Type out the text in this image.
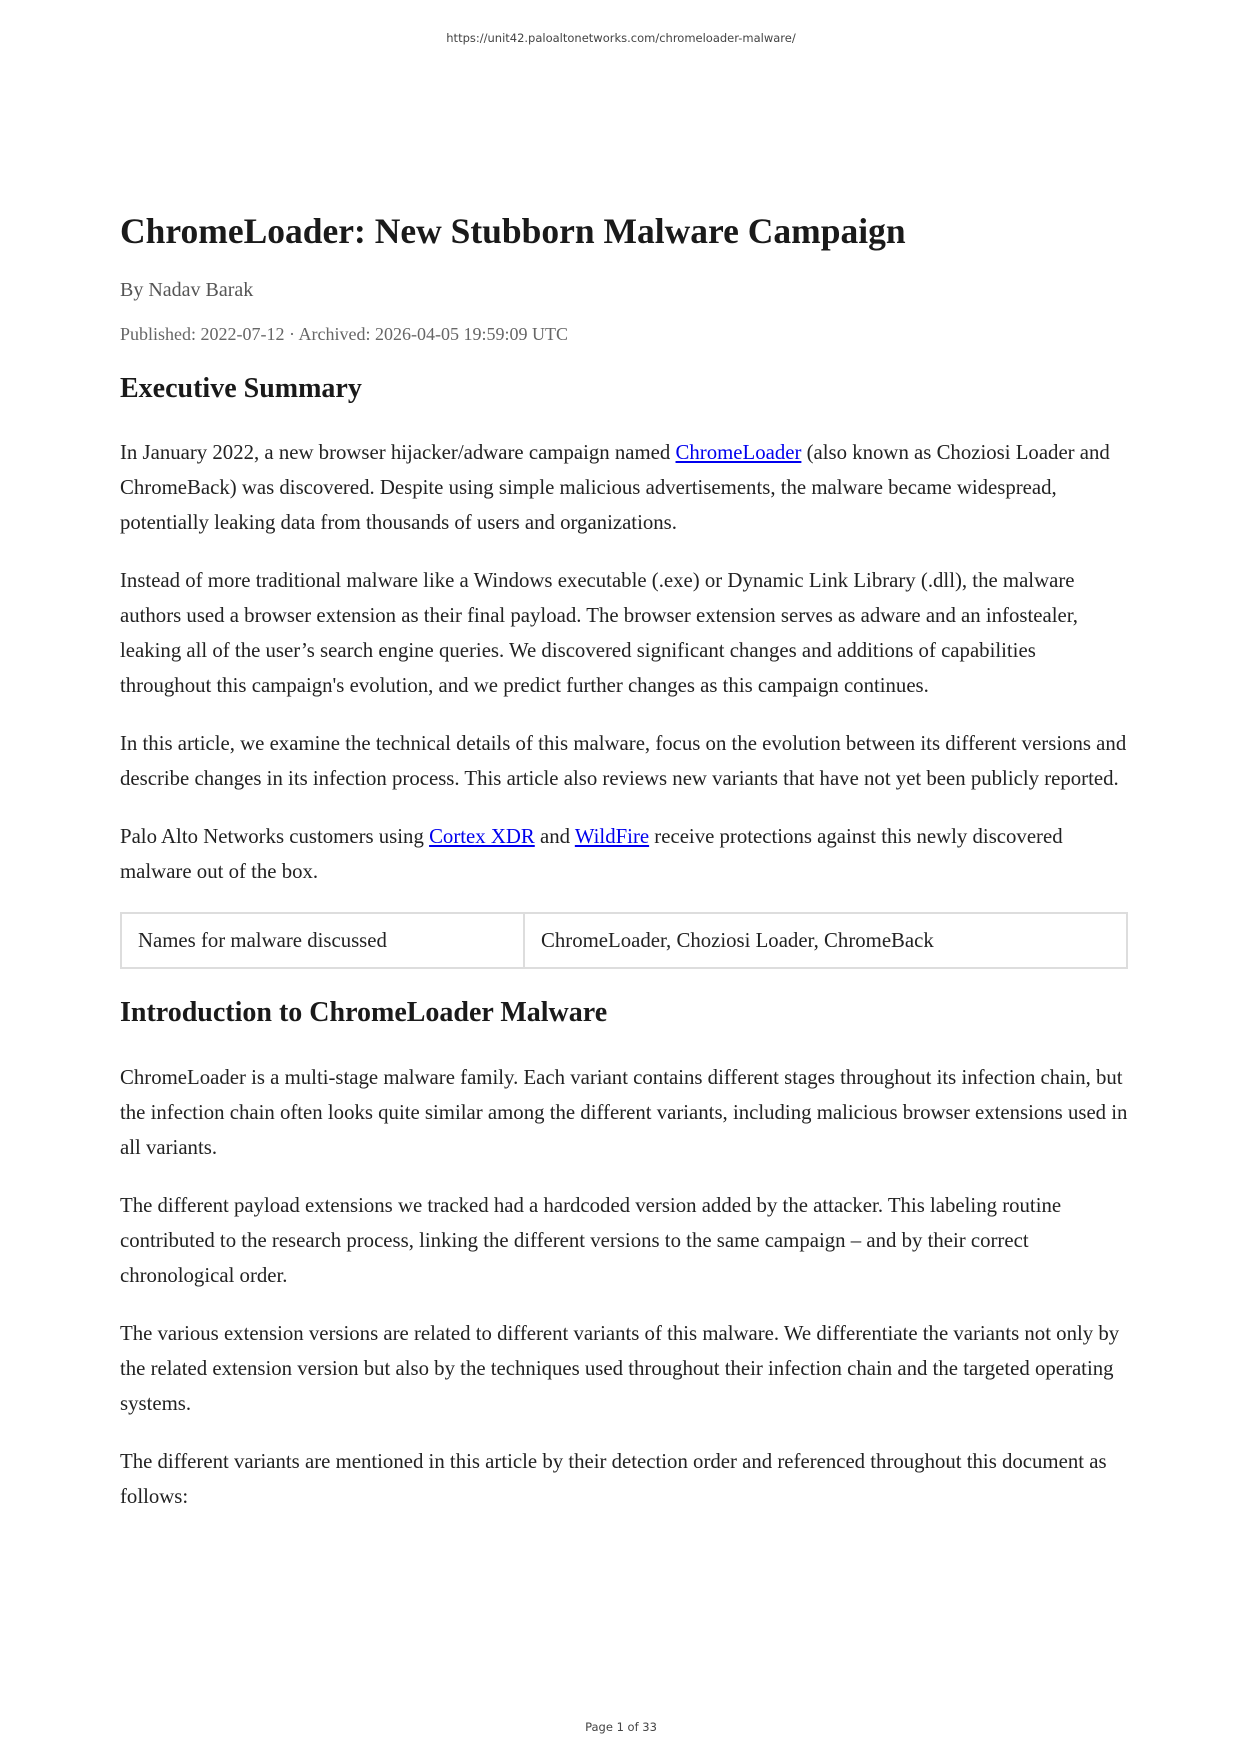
https://unit42.paloaltonetworks.com/chromeloader-malware/
ChromeLoader: New Stubborn Malware Campaign
By Nadav Barak
Published: 2022-07-12 · Archived: 2026-04-05 19:59:09 UTC
Executive Summary

In January 2022, a new browser hijacker/adware campaign named ChromeLoader (also known as Choziosi Loader and ChromeBack) was discovered. Despite using simple malicious advertisements, the malware became widespread, potentially leaking data from thousands of users and organizations.

Instead of more traditional malware like a Windows executable (.exe) or Dynamic Link Library (.dll), the malware authors used a browser extension as their final payload. The browser extension serves as adware and an infostealer, leaking all of the user’s search engine queries. We discovered significant changes and additions of capabilities throughout this campaign's evolution, and we predict further changes as this campaign continues.

In this article, we examine the technical details of this malware, focus on the evolution between its different versions and describe changes in its infection process. This article also reviews new variants that have not yet been publicly reported.

Palo Alto Networks customers using Cortex XDR and WildFire receive protections against this newly discovered malware out of the box.

Names for malware discussed	ChromeLoader, Choziosi Loader, ChromeBack
Introduction to ChromeLoader Malware

ChromeLoader is a multi-stage malware family. Each variant contains different stages throughout its infection chain, but the infection chain often looks quite similar among the different variants, including malicious browser extensions used in all variants.

The different payload extensions we tracked had a hardcoded version added by the attacker. This labeling routine contributed to the research process, linking the different versions to the same campaign – and by their correct chronological order.

The various extension versions are related to different variants of this malware. We differentiate the variants not only by the related extension version but also by the techniques used throughout their infection chain and the targeted operating systems.

The different variants are mentioned in this article by their detection order and referenced throughout this document as follows:

Page 1 of 33
